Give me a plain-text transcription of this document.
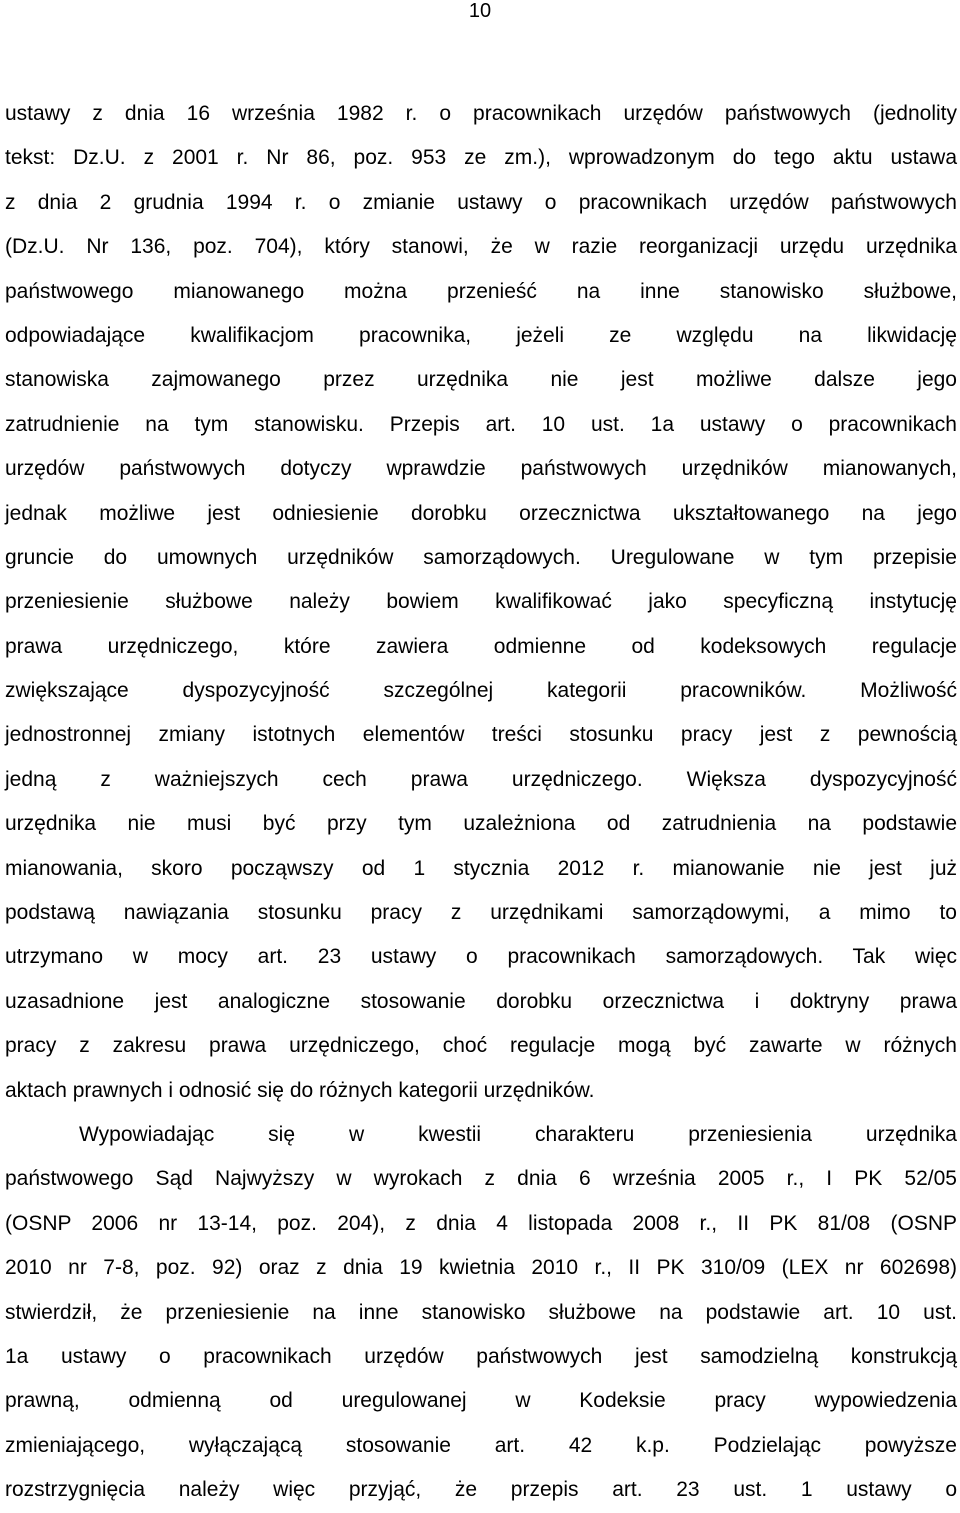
10
ustawy z dnia 16 września 1982 r. o pracownikach urzędów państwowych (jednolity
tekst: Dz.U. z 2001 r. Nr 86, poz. 953 ze zm.), wprowadzonym do tego aktu ustawa
z dnia 2 grudnia 1994 r. o zmianie ustawy o pracownikach urzędów państwowych
(Dz.U. Nr 136, poz. 704), który stanowi, że w razie reorganizacji urzędu urzędnika
państwowego mianowanego można przenieść na inne stanowisko służbowe,
odpowiadające kwalifikacjom pracownika, jeżeli ze względu na likwidację
stanowiska zajmowanego przez urzędnika nie jest możliwe dalsze jego
zatrudnienie na tym stanowisku. Przepis art. 10 ust. 1a ustawy o pracownikach
urzędów państwowych dotyczy wprawdzie państwowych urzędników mianowanych,
jednak możliwe jest odniesienie dorobku orzecznictwa ukształtowanego na jego
gruncie do umownych urzędników samorządowych. Uregulowane w tym przepisie
przeniesienie służbowe należy bowiem kwalifikować jako specyficzną instytucję
prawa urzędniczego, które zawiera odmienne od kodeksowych regulacje
zwiększające dyspozycyjność szczególnej kategorii pracowników. Możliwość
jednostronnej zmiany istotnych elementów treści stosunku pracy jest z pewnością
jedną z ważniejszych cech prawa urzędniczego. Większa dyspozycyjność
urzędnika nie musi być przy tym uzależniona od zatrudnienia na podstawie
mianowania, skoro począwszy od 1 stycznia 2012 r. mianowanie nie jest już
podstawą nawiązania stosunku pracy z urzędnikami samorządowymi, a mimo to
utrzymano w mocy art. 23 ustawy o pracownikach samorządowych. Tak więc
uzasadnione jest analogiczne stosowanie dorobku orzecznictwa i doktryny prawa
pracy z zakresu prawa urzędniczego, choć regulacje mogą być zawarte w różnych
aktach prawnych i odnosić się do różnych kategorii urzędników.
Wypowiadając się w kwestii charakteru przeniesienia urzędnika
państwowego Sąd Najwyższy w wyrokach z dnia 6 września 2005 r., I PK 52/05
(OSNP 2006 nr 13-14, poz. 204), z dnia 4 listopada 2008 r., II PK 81/08 (OSNP
2010 nr 7-8, poz. 92) oraz z dnia 19 kwietnia 2010 r., II PK 310/09 (LEX nr 602698)
stwierdził, że przeniesienie na inne stanowisko służbowe na podstawie art. 10 ust.
1a ustawy o pracownikach urzędów państwowych jest samodzielną konstrukcją
prawną, odmienną od uregulowanej w Kodeksie pracy wypowiedzenia
zmieniającego, wyłączającą stosowanie art. 42 k.p. Podzielając powyższe
rozstrzygnięcia należy więc przyjąć, że przepis art. 23 ust. 1 ustawy o
